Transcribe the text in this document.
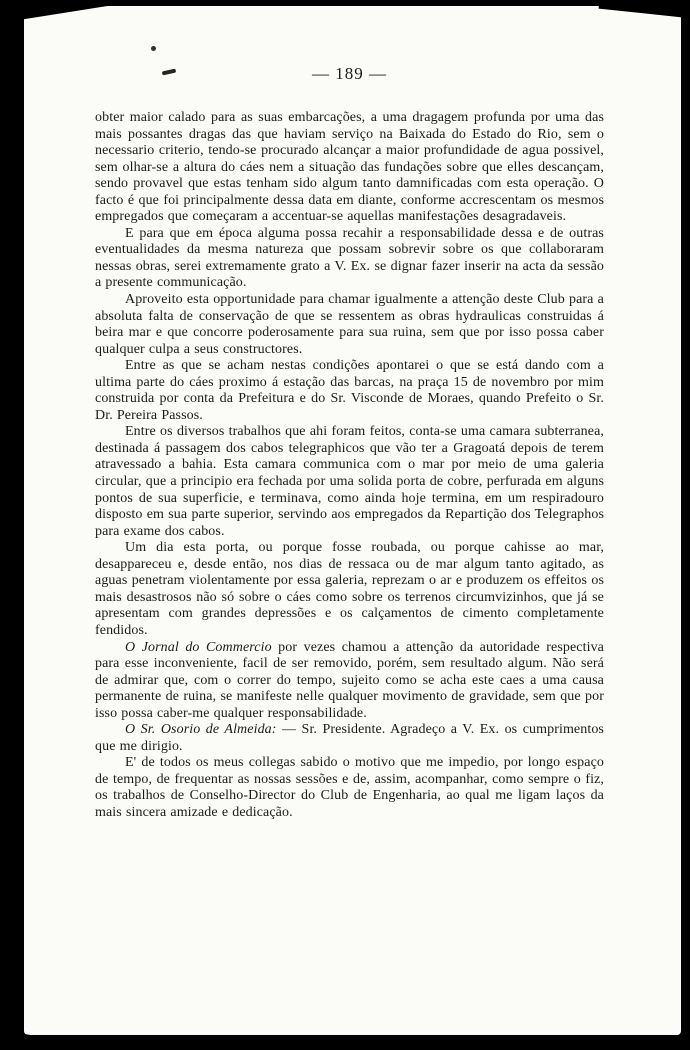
— 189 —

obter maior calado para as suas embarcações, a uma dragagem profunda por uma das mais possantes dragas das que haviam serviço na Baixada do Estado do Rio, sem o necessario criterio, tendo-se procurado alcançar a maior profundidade de agua possivel, sem olhar-se a altura do cáes nem a situação das fundações sobre que elles descançam, sendo provavel que estas tenham sido algum tanto damnificadas com esta operação. O facto é que foi principalmente dessa data em diante, conforme accrescentam os mesmos empregados que começaram a accentuar-se aquellas manifestações desagradaveis.

E para que em época alguma possa recahir a responsabilidade dessa e de outras eventualidades da mesma natureza que possam sobrevir sobre os que collaboraram nessas obras, serei extremamente grato a V. Ex. se dignar fazer inserir na acta da sessão a presente communicação.

Aproveito esta opportunidade para chamar igualmente a attenção deste Club para a absoluta falta de conservação de que se ressentem as obras hydraulicas construidas á beira mar e que concorre poderosamente para sua ruina, sem que por isso possa caber qualquer culpa a seus constructores.

Entre as que se acham nestas condições apontarei o que se está dando com a ultima parte do cáes proximo á estação das barcas, na praça 15 de novembro por mim construida por conta da Prefeitura e do Sr. Visconde de Moraes, quando Prefeito o Sr. Dr. Pereira Passos.

Entre os diversos trabalhos que ahi foram feitos, conta-se uma camara subterranea, destinada á passagem dos cabos telegraphicos que vão ter a Gragoatá depois de terem atravessado a bahia. Esta camara communica com o mar por meio de uma galeria circular, que a principio era fechada por uma solida porta de cobre, perfurada em alguns pontos de sua superficie, e terminava, como ainda hoje termina, em um respiradouro disposto em sua parte superior, servindo aos empregados da Repartição dos Telegraphos para exame dos cabos.

Um dia esta porta, ou porque fosse roubada, ou porque cahisse ao mar, desappareceu e, desde então, nos dias de ressaca ou de mar algum tanto agitado, as aguas penetram violentamente por essa galeria, reprezam o ar e produzem os effeitos os mais desastrosos não só sobre o cáes como sobre os terrenos circumvizinhos, que já se apresentam com grandes depressões e os calçamentos de cimento completamente fendidos.

O Jornal do Commercio por vezes chamou a attenção da autoridade respectiva para esse inconveniente, facil de ser removido, porém, sem resultado algum. Não será de admirar que, com o correr do tempo, sujeito como se acha este caes a uma causa permanente de ruina, se manifeste nelle qualquer movimento de gravidade, sem que por isso possa caber-me qualquer responsabilidade.

O Sr. Osorio de Almeida: — Sr. Presidente. Agradeço a V. Ex. os cumprimentos que me dirigio.

E' de todos os meus collegas sabido o motivo que me impedio, por longo espaço de tempo, de frequentar as nossas sessões e de, assim, acompanhar, como sempre o fiz, os trabalhos de Conselho-Director do Club de Engenharia, ao qual me ligam laços da mais sincera amizade e dedicação.
